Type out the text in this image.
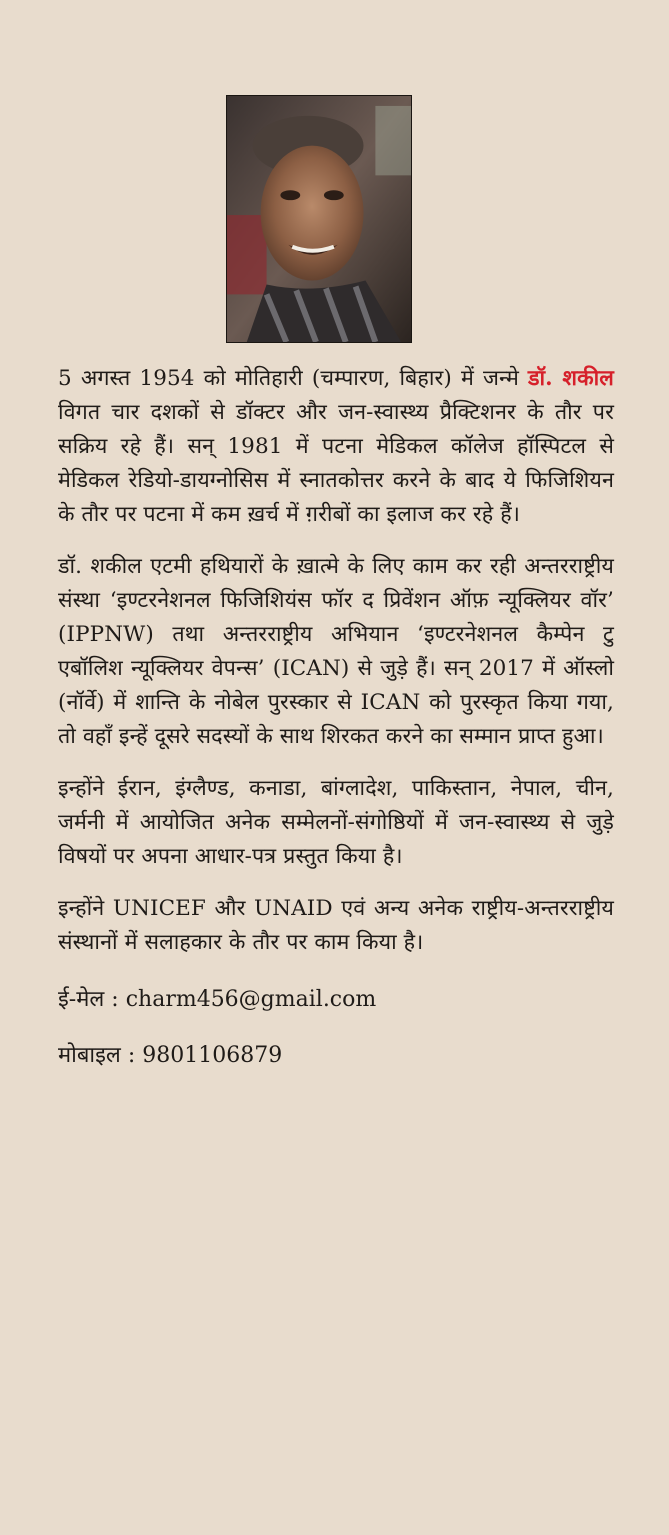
5 अगस्त 1954 को मोतिहारी (चम्पारण, बिहार) में जन्मे डॉ. शकील विगत चार दशकों से डॉक्टर और जन-स्वास्थ्य प्रैक्टिशनर के तौर पर सक्रिय रहे हैं। सन् 1981 में पटना मेडिकल कॉलेज हॉस्पिटल से मेडिकल रेडियो-डायग्नोसिस में स्नातकोत्तर करने के बाद ये फिजिशियन के तौर पर पटना में कम ख़र्च में ग़रीबों का इलाज कर रहे हैं।

डॉ. शकील एटमी हथियारों के ख़ात्मे के लिए काम कर रही अन्तरराष्ट्रीय संस्था ‘इण्टरनेशनल फिजिशियंस फॉर द प्रिवेंशन ऑफ़ न्यूक्लियर वॉर’ (IPPNW) तथा अन्तरराष्ट्रीय अभियान ‘इण्टरनेशनल कैम्पेन टु एबॉलिश न्यूक्लियर वेपन्स’ (ICAN) से जुड़े हैं। सन् 2017 में ऑस्लो (नॉर्वे) में शान्ति के नोबेल पुरस्कार से ICAN को पुरस्कृत किया गया, तो वहाँ इन्हें दूसरे सदस्यों के साथ शिरकत करने का सम्मान प्राप्त हुआ।

इन्होंने ईरान, इंग्लैण्ड, कनाडा, बांग्लादेश, पाकिस्तान, नेपाल, चीन, जर्मनी में आयोजित अनेक सम्मेलनों-संगोष्ठियों में जन-स्वास्थ्य से जुड़े विषयों पर अपना आधार-पत्र प्रस्तुत किया है।

इन्होंने UNICEF और UNAID एवं अन्य अनेक राष्ट्रीय-अन्तरराष्ट्रीय संस्थानों में सलाहकार के तौर पर काम किया है।

ई-मेल : charm456@gmail.com

मोबाइल : 9801106879
